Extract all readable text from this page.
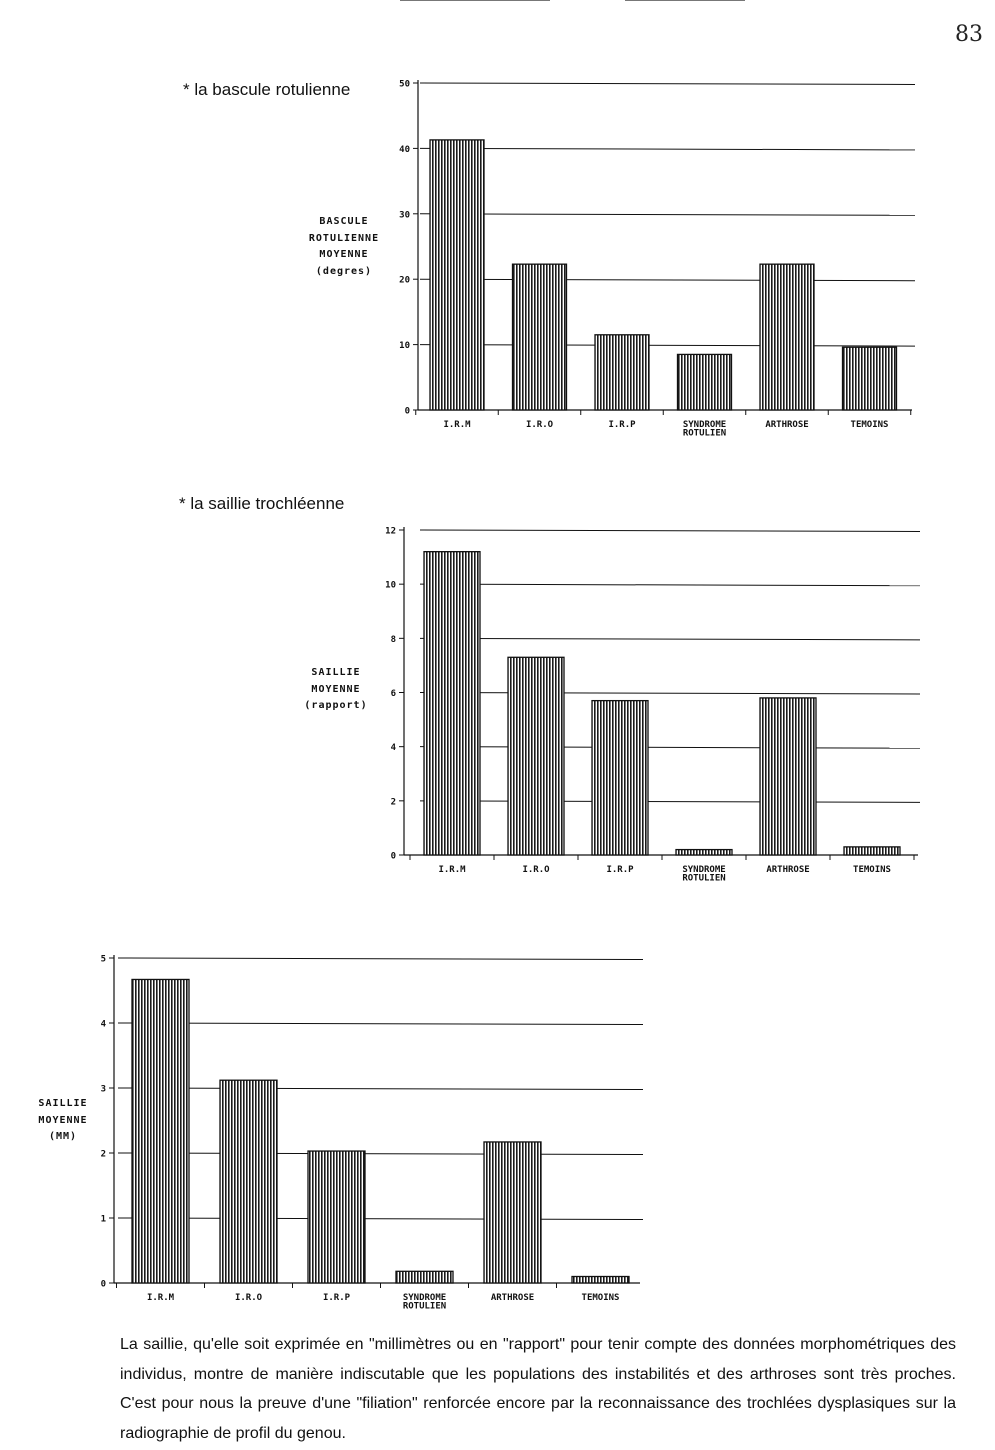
83
* la bascule rotulienne
* la saillie trochléenne
0
10
20
30
40
50
I.R.M	I.R.O	I.R.P	SYNDROME ROTULIEN
ARTHROSE	TEMOINS
0
2
4
6
8
10
12
I.R.M	I.R.O	I.R.P	SYNDROME ROTULIEN
ARTHROSE	TEMOINS
0
1
2
3
4
5
I.R.M	I.R.O	I.R.P	SYNDROME ROTULIEN
ARTHROSE	TEMOINS
BASCULE
ROTULIENNE
MOYENNE
(degres)
SAILLIE
MOYENNE
(rapport)
SAILLIE
MOYENNE
(MM)

La saillie, qu'elle soit exprimée en "millimètres ou en "rapport" pour tenir compte des données morphométriques des individus, montre de manière indiscutable que les populations des instabilités et des arthroses sont très proches. C'est pour nous la preuve d'une "filiation" renforcée encore par la reconnaissance des trochlées dysplasiques sur la radiographie de profil du genou.
